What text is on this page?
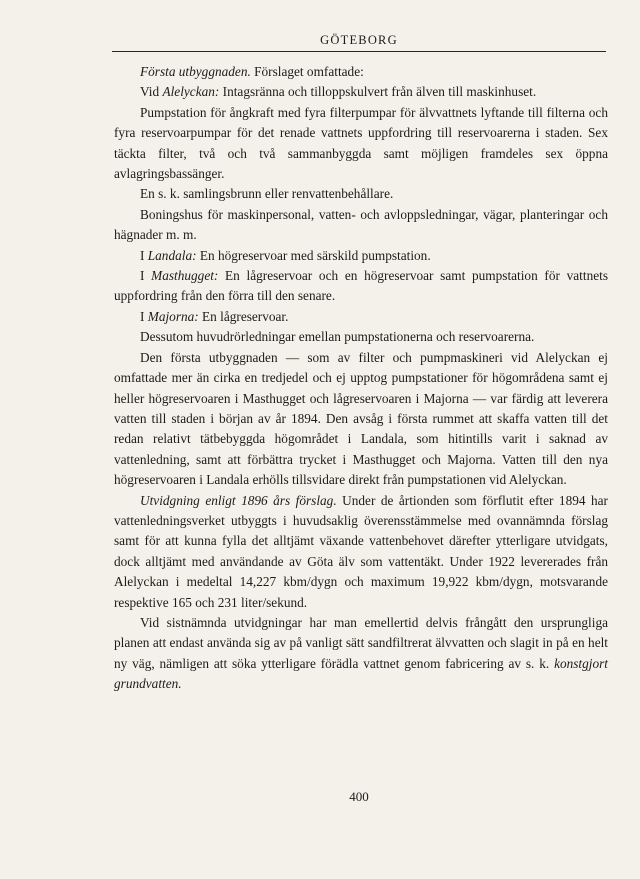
GÖTEBORG

Första utbyggnaden. Förslaget omfattade:

Vid Alelyckan: Intagsränna och tilloppskulvert från älven till maskinhuset.

Pumpstation för ångkraft med fyra filterpumpar för älvvattnets lyftande till filterna och fyra reservoarpumpar för det renade vattnets uppfordring till reservoarerna i staden. Sex täckta filter, två och två sammanbyggda samt möjligen framdeles sex öppna avlagringsbassänger.

En s. k. samlingsbrunn eller renvattenbehållare.

Boningshus för maskinpersonal, vatten- och avloppsledningar, vägar, planteringar och hägnader m. m.

I Landala: En högreservoar med särskild pumpstation.

I Masthugget: En lågreservoar och en högreservoar samt pumpstation för vattnets uppfordring från den förra till den senare.

I Majorna: En lågreservoar.

Dessutom huvudrörledningar emellan pumpstationerna och reservoarerna.

Den första utbyggnaden — som av filter och pumpmaskineri vid Alelyckan ej omfattade mer än cirka en tredjedel och ej upptog pumpstationer för högområdena samt ej heller högreservoaren i Masthugget och lågreservoaren i Majorna — var färdig att leverera vatten till staden i början av år 1894. Den avsåg i första rummet att skaffa vatten till det redan relativt tätbebyggda högområdet i Landala, som hitintills varit i saknad av vattenledning, samt att förbättra trycket i Masthugget och Majorna. Vatten till den nya högreservoaren i Landala erhölls tillsvidare direkt från pumpstationen vid Alelyckan.

Utvidgning enligt 1896 års förslag. Under de årtionden som förflutit efter 1894 har vattenledningsverket utbyggts i huvudsaklig överensstämmelse med ovannämnda förslag samt för att kunna fylla det alltjämt växande vattenbehovet därefter ytterligare utvidgats, dock alltjämt med användande av Göta älv som vattentäkt. Under 1922 levererades från Alelyckan i medeltal 14,227 kbm/dygn och maximum 19,922 kbm/dygn, motsvarande respektive 165 och 231 liter/sekund.

Vid sistnämnda utvidgningar har man emellertid delvis frångått den ursprungliga planen att endast använda sig av på vanligt sätt sandfiltrerat älvvatten och slagit in på en helt ny väg, nämligen att söka ytterligare förädla vattnet genom fabricering av s. k. konstgjort grundvatten.

400
